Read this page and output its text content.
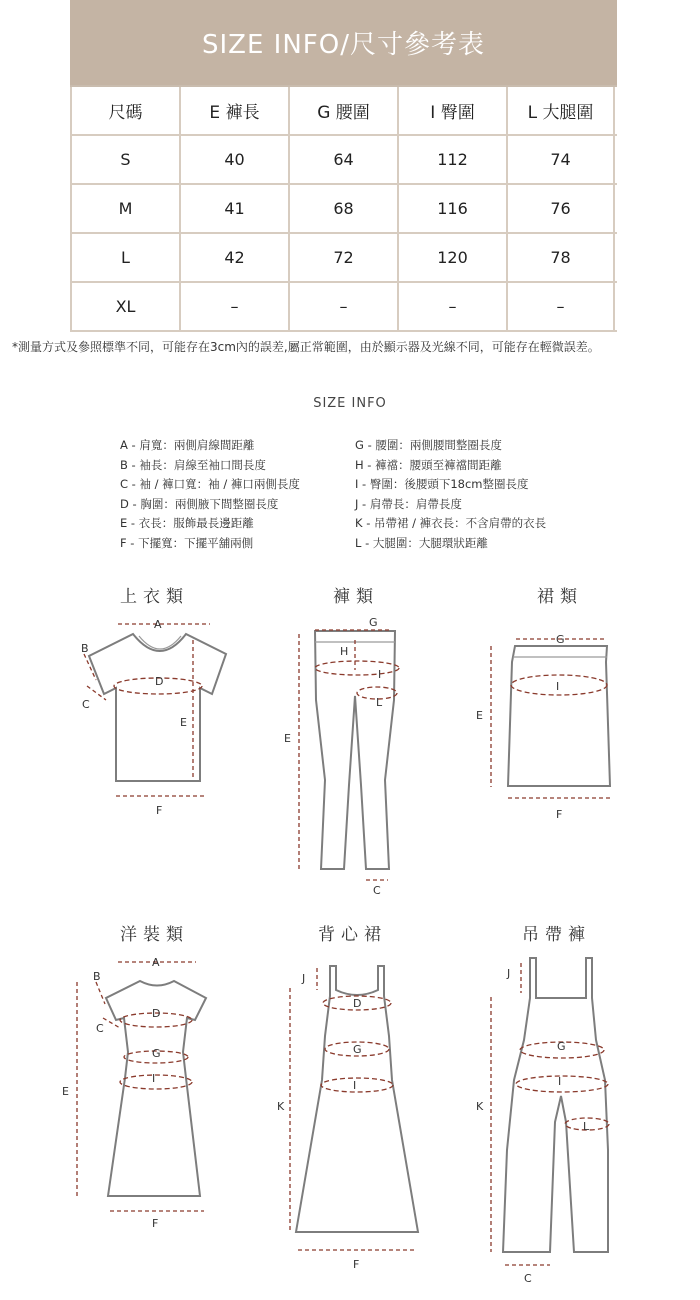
SIZE INFO/尺寸參考表
尺碼	E 褲長	G 腰圍	I 臀圍	L 大腿圍
S	40	64	112	74
M	41	68	116	76
L	42	72	120	78
XL	–	–	–	–
*測量方式及參照標準不同，可能存在3cm內的誤差,屬正常範圍，由於顯示器及光線不同，可能存在輕微誤差。
SIZE INFO
A - 肩寬：兩側肩線間距離
B - 袖長：肩線至袖口間長度
C - 袖 / 褲口寬：袖 / 褲口兩側長度
D - 胸圍：兩側腋下間整圈長度
E - 衣長：服飾最長邊距離
F - 下擺寬：下擺平舖兩側
G - 腰圍：兩側腰間整圈長度
H - 褲襠：腰頭至褲襠間距離
I - 臀圍：後腰頭下18cm整圈長度
J - 肩帶長：肩帶長度
K - 吊帶裙 / 褲衣長：不含肩帶的衣長
L - 大腿圍：大腿環狀距離
上衣類	褲類	裙類
洋裝類	背心裙	吊帶褲
A
B
C
D
E
F
G
H
I
L
E
C
G
I
E
F
A
B
C
D
G
I
E
F
J
D
G
I
K
F
J
G
I
L
K
C
